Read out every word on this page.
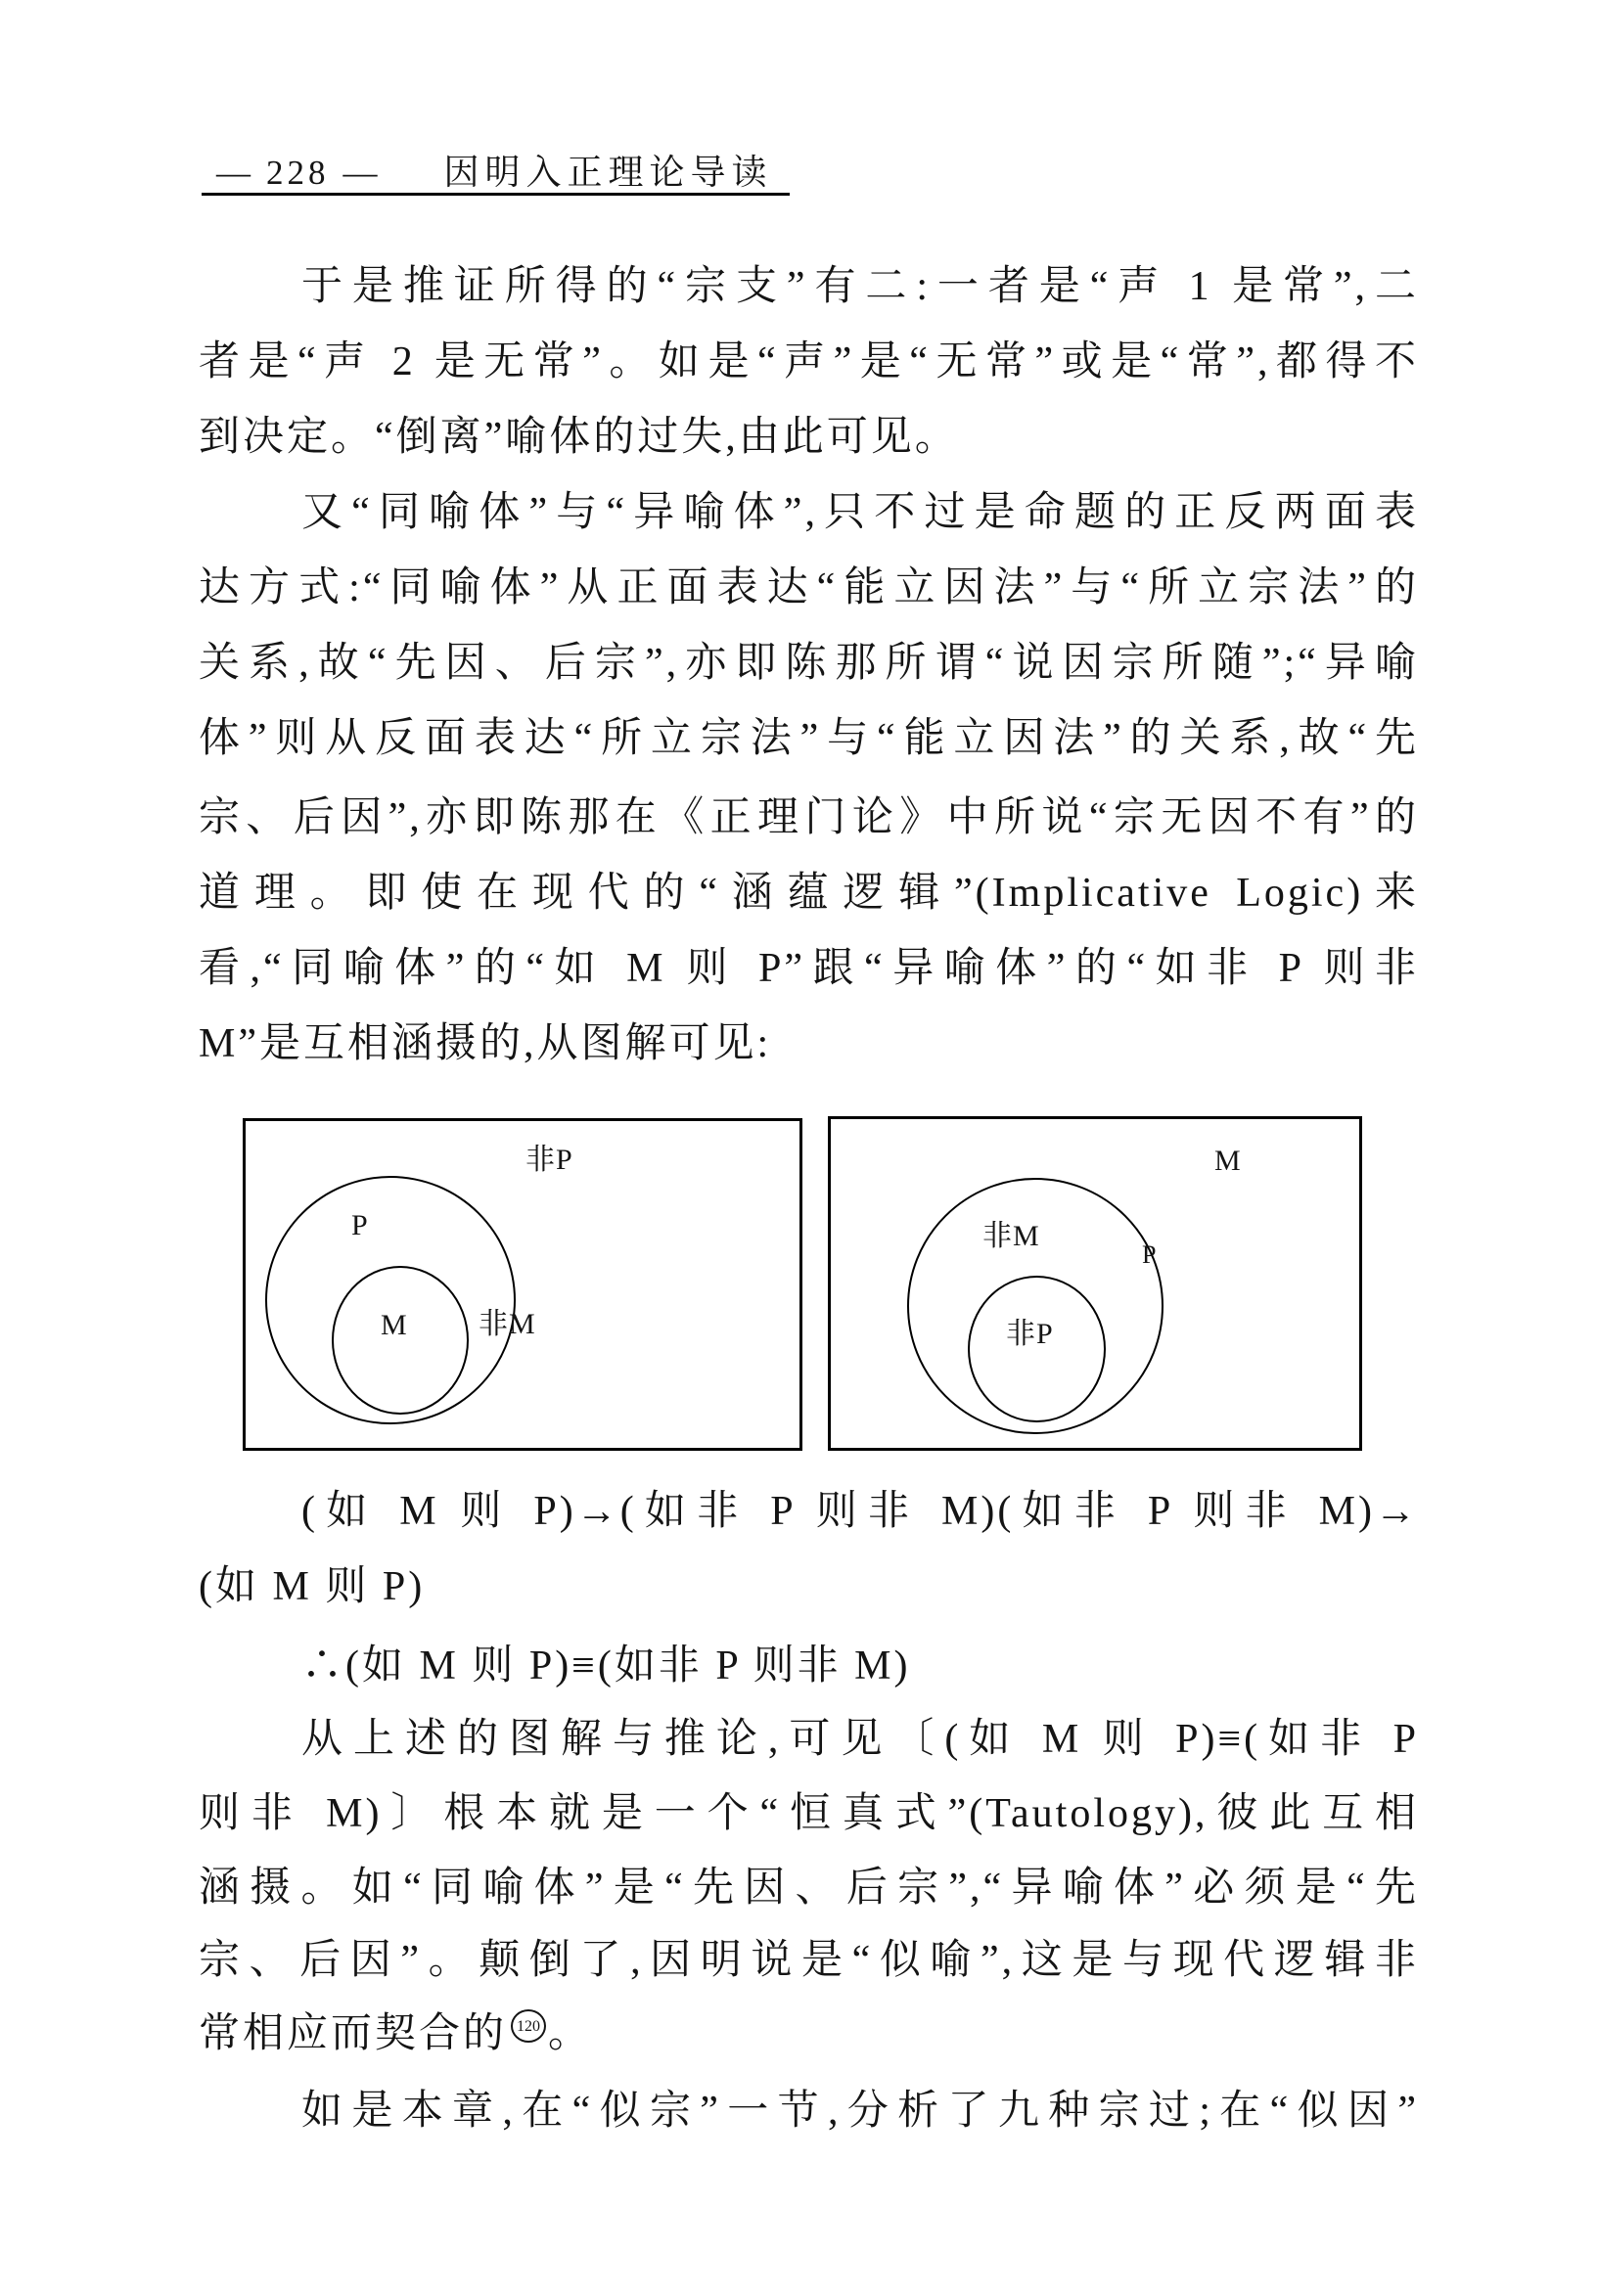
— 228 — 因明入正理论导读
于是推证所得的“宗支”有二:一者是“声 1 是常”,二
者是“声 2 是无常”。如是“声”是“无常”或是“常”,都得不
到决定。“倒离”喻体的过失,由此可见。
又“同喻体”与“异喻体”,只不过是命题的正反两面表
达方式:“同喻体”从正面表达“能立因法”与“所立宗法”的
关系,故“先因、后宗”,亦即陈那所谓“说因宗所随”;“异喻
体”则从反面表达“所立宗法”与“能立因法”的关系,故“先
宗、后因”,亦即陈那在《正理门论》中所说“宗无因不有”的
道理。即使在现代的“涵蕴逻辑”(Implicative Logic)来
看,“同喻体”的“如 M 则 P”跟“异喻体”的“如非 P 则非
M”是互相涵摄的,从图解可见:
非P
P
M 非M
M
非M
P
非P
(如 M 则 P)→(如非 P 则非 M)(如非 P 则非 M)→
(如 M 则 P)
∴(如 M 则 P)≡(如非 P 则非 M)
从上述的图解与推论,可见〔(如 M 则 P)≡(如非 P
则非 M)〕根本就是一个“恒真式”(Tautology),彼此互相
涵摄。如“同喻体”是“先因、后宗”,“异喻体”必须是“先
宗、后因”。颠倒了,因明说是“似喻”,这是与现代逻辑非
常相应而契合的 120 。
如是本章,在“似宗”一节,分析了九种宗过;在“似因”
